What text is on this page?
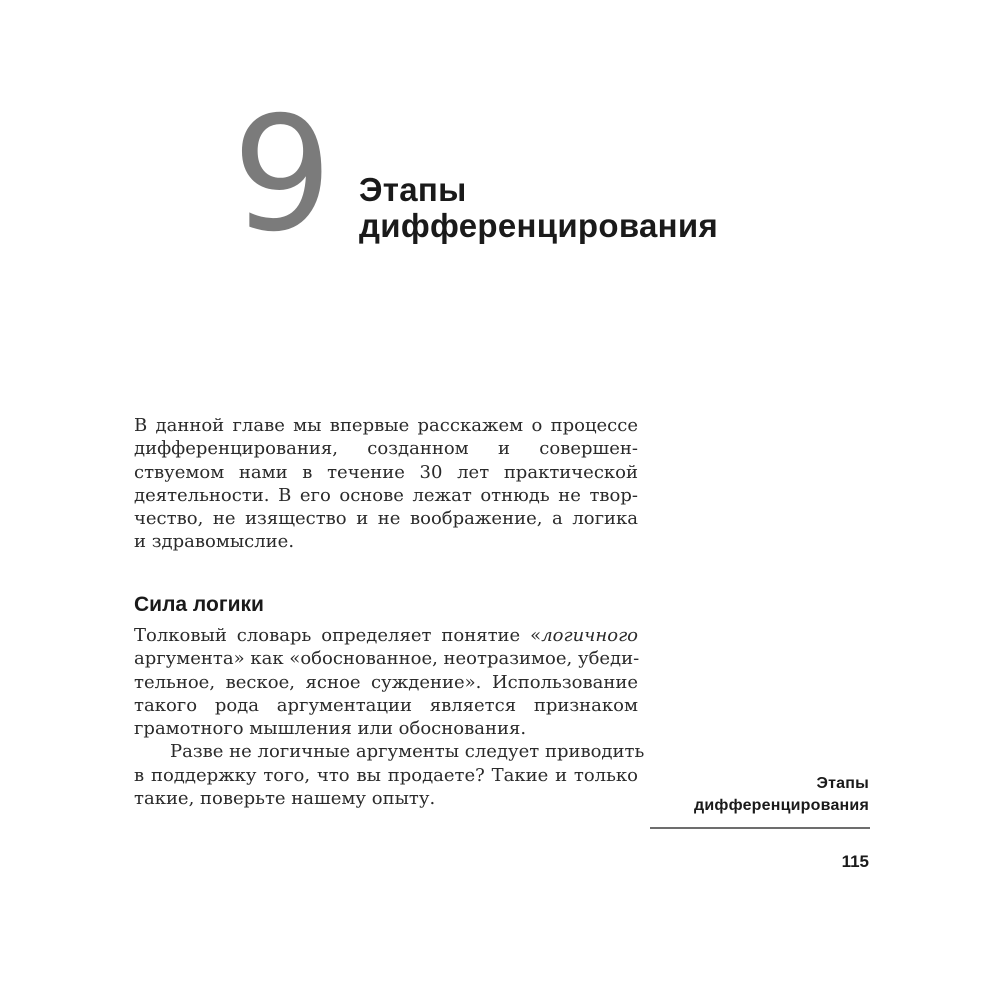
9 Этапы
дифференцирования
В данной главе мы впервые расскажем о процессе
дифференцирования, созданном и совершен-
ствуемом нами в течение 30 лет практической
деятельности. В его основе лежат отнюдь не твор-
чество, не изящество и не воображение, а логика
и здравомыслие.
Сила логики
Толковый словарь определяет понятие «логичного
аргумента» как «обоснованное, неотразимое, убеди-
тельное, веское, ясное суждение». Использование
такого рода аргументации является признаком
грамотного мышления или обоснования.
Разве не логичные аргументы следует приводить
в поддержку того, что вы продаете? Такие и только
такие, поверьте нашему опыту.
Этапы
дифференцирования
115
